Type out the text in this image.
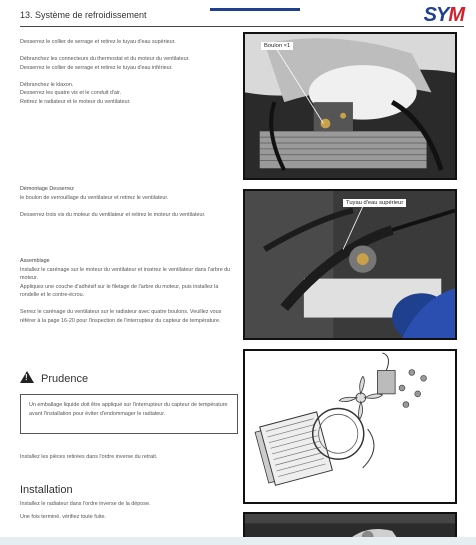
13. Système de refroidissement	SYM

Desserrez le collier de serrage et retirez le tuyau d'eau supérieur.

Débranchez les connecteurs du thermostat et du moteur du ventilateur.

Desserrez le collier de serrage et retirez le tuyau d'eau inférieur.

Débranchez le klaxon.

Desserrez les quatre vis et le conduit d'air.

Retirez le radiateur et le moteur du ventilateur.

Démontage Desserrez

le boulon de verrouillage du ventilateur et retirez le ventilateur.

Desserrez trois vis du moteur du ventilateur et retirez le moteur du ventilateur.

Assemblage

Installez le carénage sur le moteur du ventilateur et insérez le ventilateur dans l'arbre du moteur.

Appliquez une couche d'adhésif sur le filetage de l'arbre du moteur, puis installez la rondelle et le contre-écrou.

Serrez le carénage du ventilateur sur le radiateur avec quatre boulons. Veuillez vous référer à la page 16-20 pour l'inspection de l'interrupteur du capteur de température.

!Prudence
Un emballage liquide doit être appliqué sur l'interrupteur du capteur de température avant l'installation pour éviter d'endommager le radiateur.

Installez les pièces retirées dans l'ordre inverse du retrait.

Installation

Installez le radiateur dans l'ordre inverse de la dépose.

Une fois terminé, vérifiez toute fuite.

Boulon ×1
Tuyau d'eau supérieur
